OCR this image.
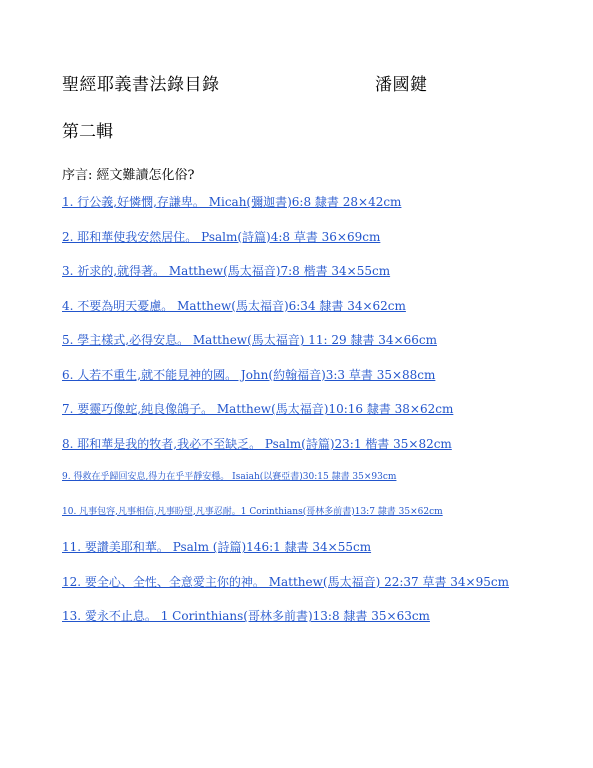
聖經耶義書法錄目錄	潘國鍵
第二輯
序言: 經文難讀怎化俗?
1. 行公義,好憐憫,存謙卑。 Micah(彌迦書)6:8 隸書 28×42cm
2. 耶和華使我安然居住。 Psalm(詩篇)4:8 草書 36×69cm
3. 祈求的,就得著。 Matthew(馬太福音)7:8 楷書 34×55cm
4. 不要為明天憂慮。 Matthew(馬太福音)6:34 隸書 34×62cm
5. 學主樣式,必得安息。 Matthew(馬太福音) 11: 29 隸書 34×66cm
6. 人若不重生,就不能見神的國。 John(約翰福音)3:3 草書 35×88cm
7. 要靈巧像蛇,純良像鴿子。 Matthew(馬太福音)10:16 隸書 38×62cm
8. 耶和華是我的牧者,我必不至缺乏。 Psalm(詩篇)23:1 楷書 35×82cm
9. 得救在乎歸回安息,得力在乎平靜安穩。 Isaiah(以賽亞書)30:15 隸書 35×93cm
10. 凡事包容,凡事相信,凡事盼望,凡事忍耐。1 Corinthians(哥林多前書)13:7 隸書 35×62cm
11. 要讚美耶和華。 Psalm (詩篇)146:1 隸書 34×55cm
12. 要全心、全性、全意愛主你的神。 Matthew(馬太福音) 22:37 草書 34×95cm
13. 愛永不止息。 1 Corinthians(哥林多前書)13:8 隸書 35×63cm
